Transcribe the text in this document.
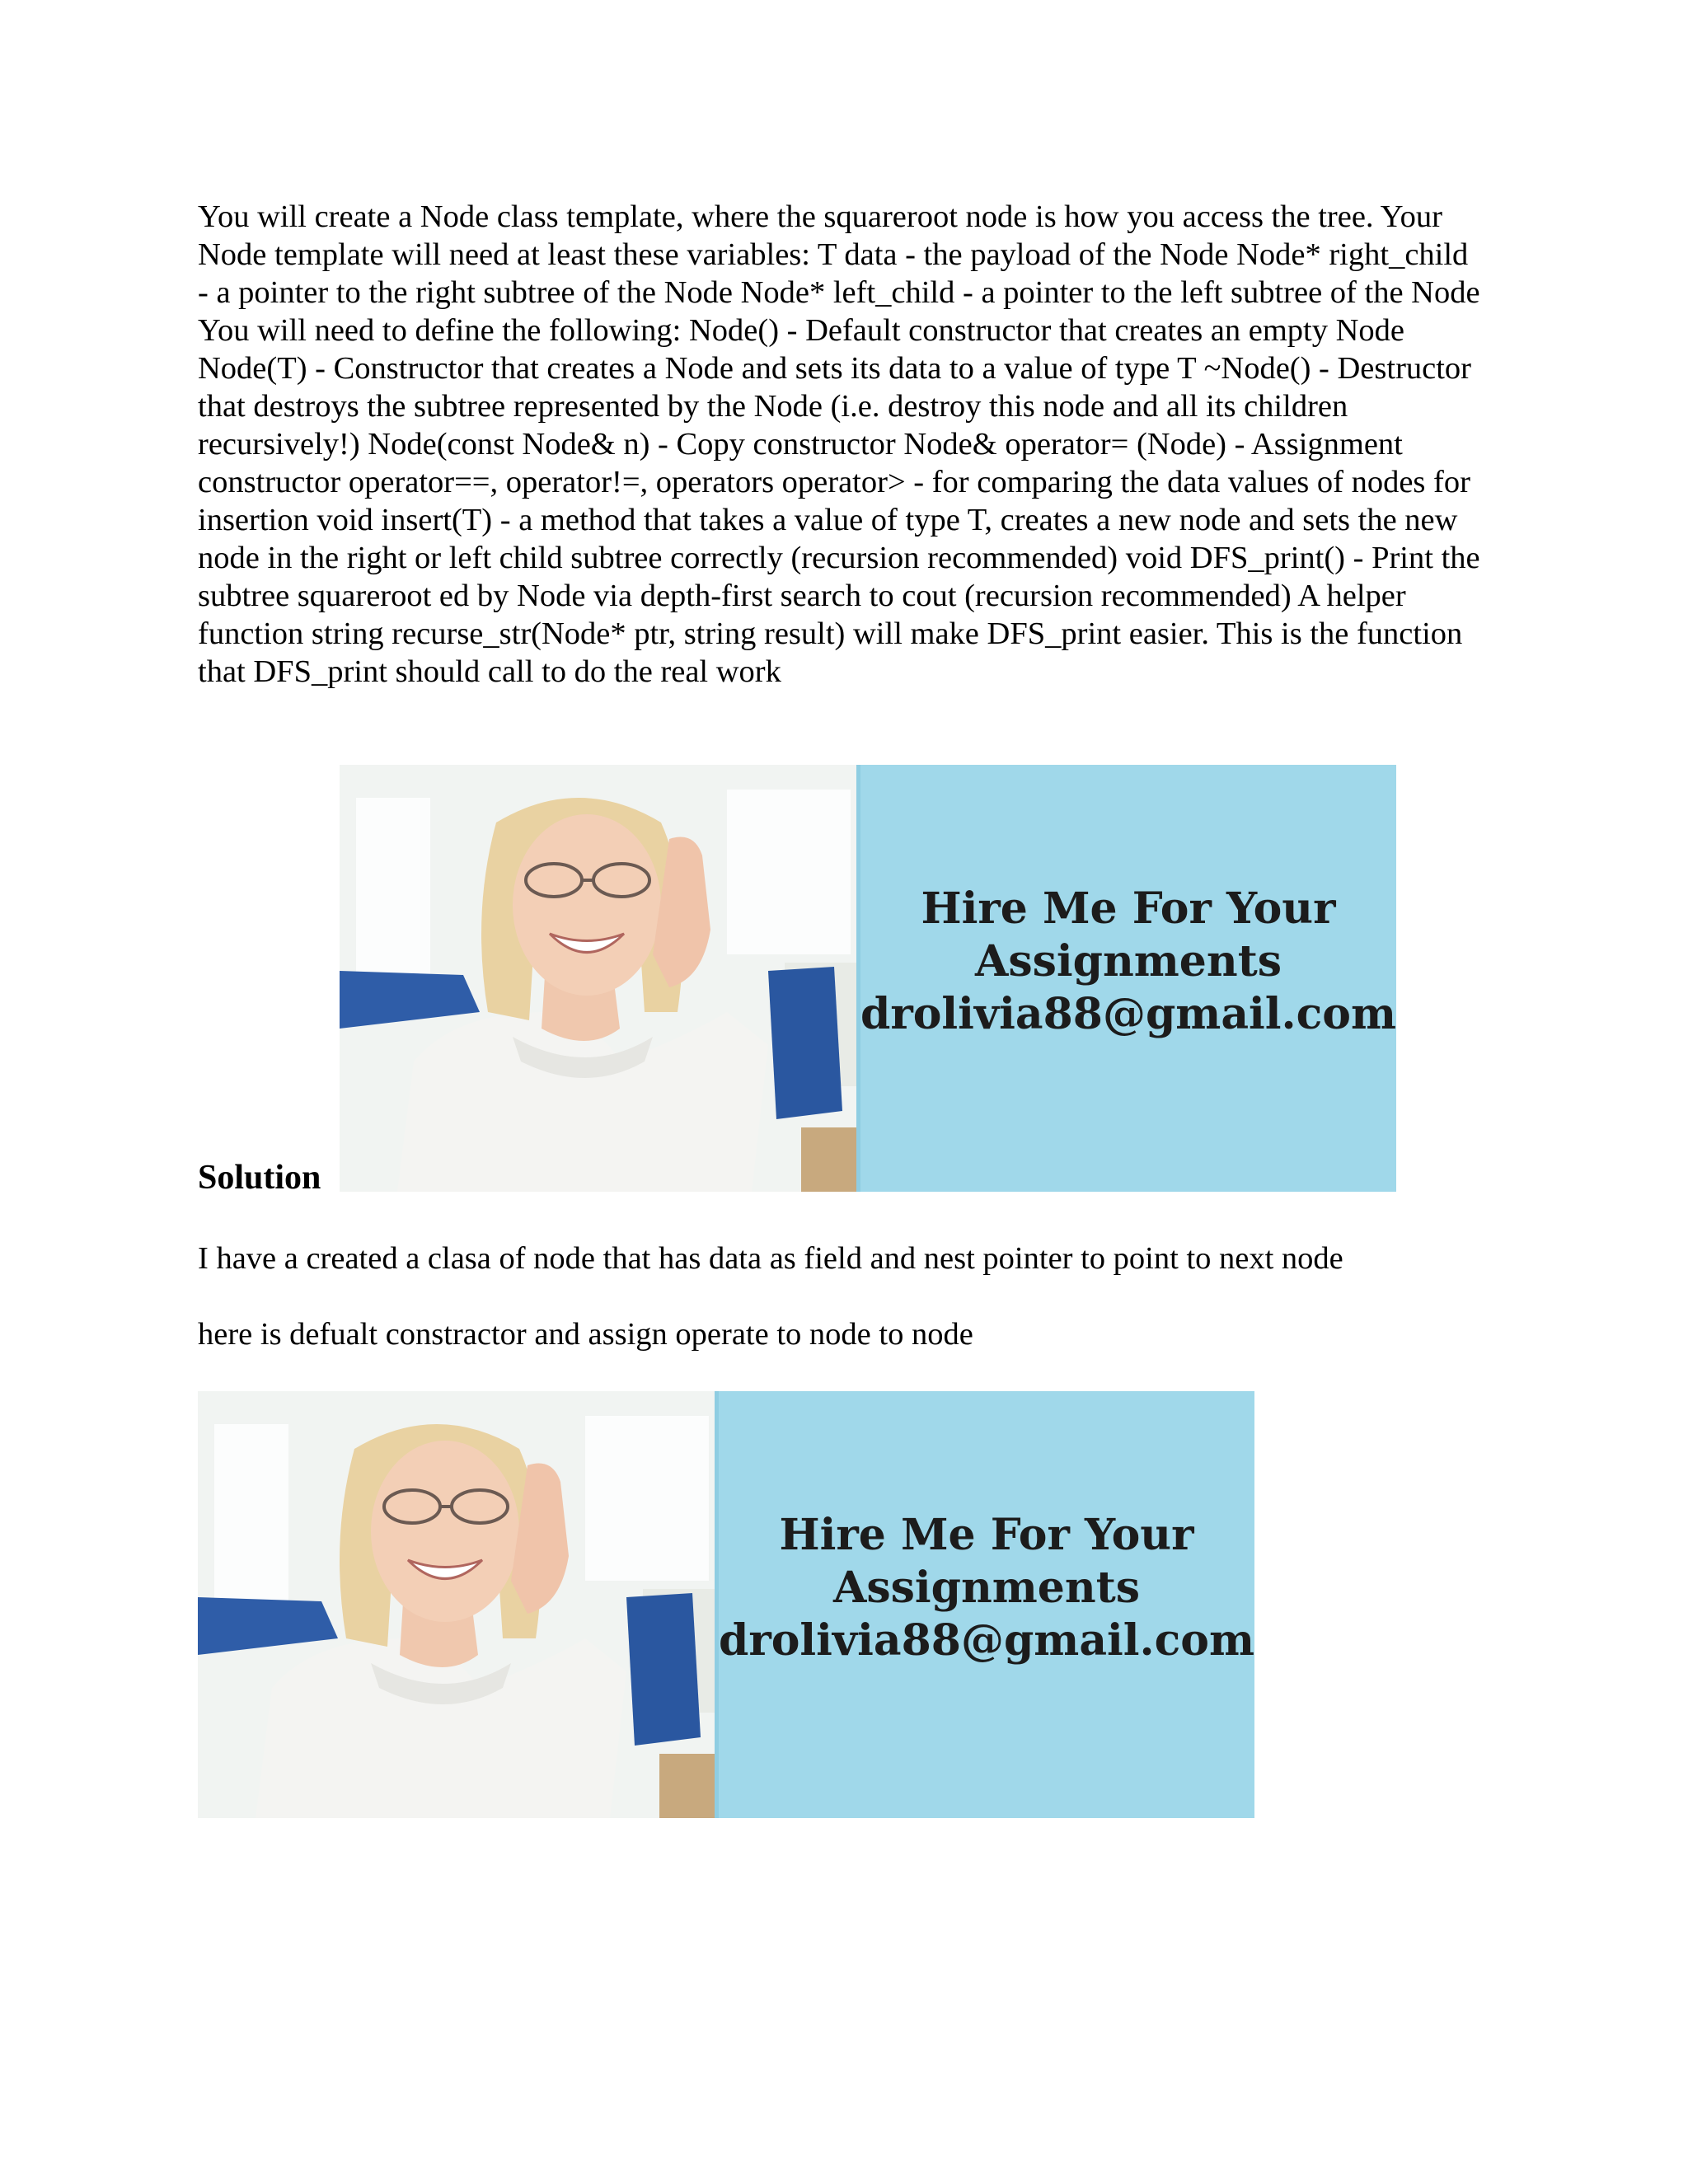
You will create a Node class template, where the squareroot node is how you access the tree. Your Node template will need at least these variables: T data - the payload of the Node Node* right_child - a pointer to the right subtree of the Node Node* left_child - a pointer to the left subtree of the Node You will need to define the following: Node() - Default constructor that creates an empty Node Node(T) - Constructor that creates a Node and sets its data to a value of type T ~Node() - Destructor that destroys the subtree represented by the Node (i.e. destroy this node and all its children recursively!) Node(const Node& n) - Copy constructor Node& operator= (Node) - Assignment constructor operator==, operator!=, operators operator> - for comparing the data values of nodes for insertion void insert(T) - a method that takes a value of type T, creates a new node and sets the new node in the right or left child subtree correctly (recursion recommended) void DFS_print() - Print the subtree squareroot ed by Node via depth-first search to cout (recursion recommended) A helper function string recurse_str(Node* ptr, string result) will make DFS_print easier. This is the function that DFS_print should call to do the real work

Hire Me For Your
Assignments
drolivia88@gmail.com
Solution

I have a created a clasa of node that has data as field and nest pointer to point to next node

here is defualt constractor and assign operate to node to node

Hire Me For Your
Assignments
drolivia88@gmail.com
